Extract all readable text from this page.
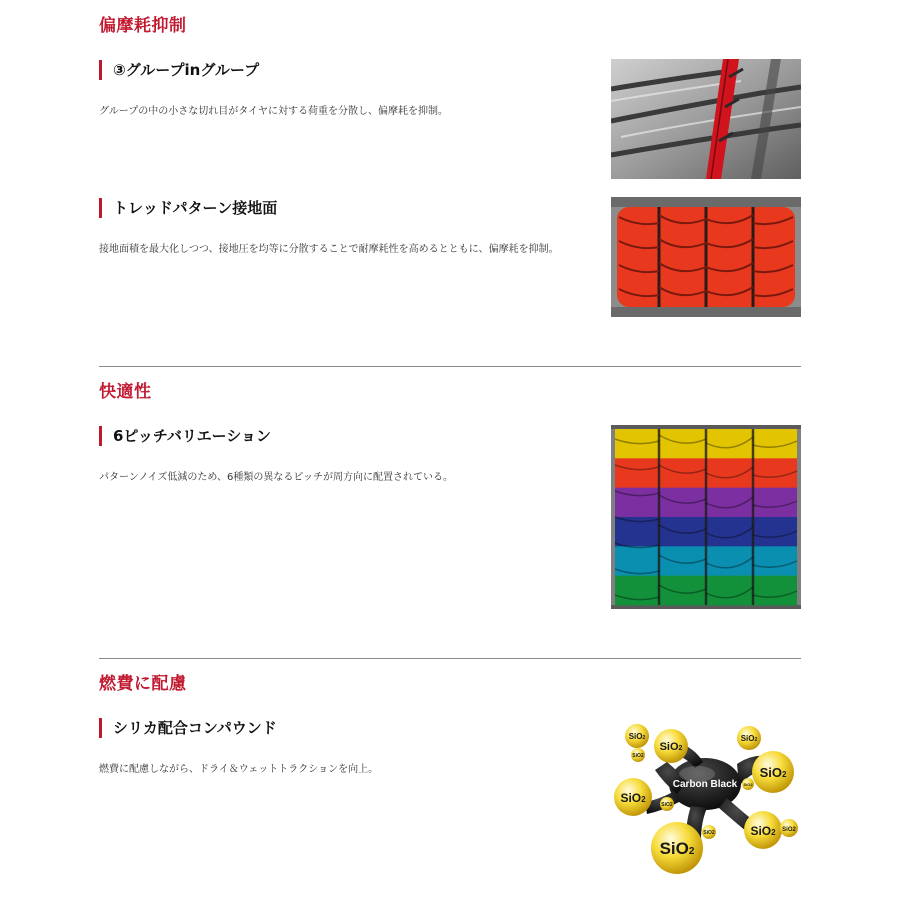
偏摩耗抑制
③グループinグループ

グループの中の小さな切れ目がタイヤに対する荷重を分散し、偏摩耗を抑制。

トレッドパターン接地面

接地面積を最大化しつつ、接地圧を均等に分散することで耐摩耗性を高めるとともに、偏摩耗を抑制。

快適性
6ピッチバリエーション

パターンノイズ低減のため、6種類の異なるピッチが周方向に配置されている。

燃費に配慮
シリカ配合コンパウンド

燃費に配慮しながら、ドライ＆ウェットトラクションを向上。

SiO2
SiO2
SiO2
SiO2
SiO2
SiO2
SiO2
SiO2
SiO2
SiO2	SiO2 SiO2
Carbon Black
